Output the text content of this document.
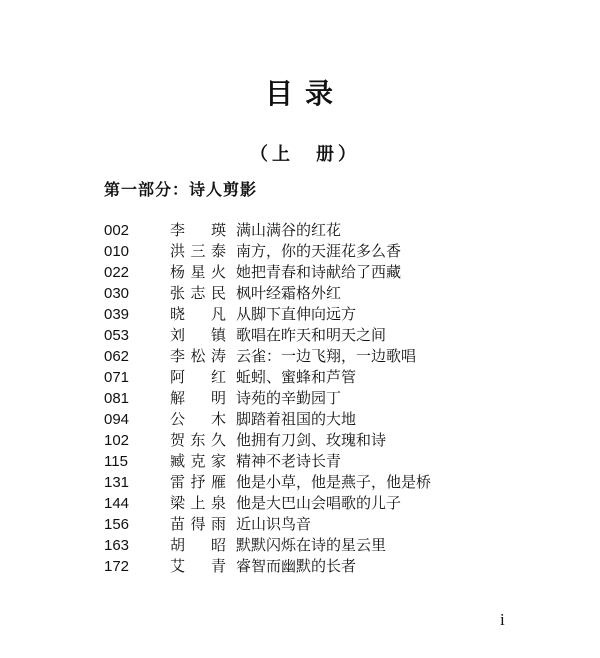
目录
（上　册）
第一部分：诗人剪影
002	李　瑛 满山满谷的红花
010	洪三泰 南方，你的天涯花多么香
022	杨星火 她把青春和诗献给了西藏
030	张志民 枫叶经霜格外红
039	晓　凡 从脚下直伸向远方
053	刘　镇 歌唱在昨天和明天之间
062	李松涛 云雀：一边飞翔，一边歌唱
071	阿　红 蚯蚓、蜜蜂和芦管
081	解　明 诗苑的辛勤园丁
094	公　木 脚踏着祖国的大地
102	贺东久 他拥有刀剑、玫瑰和诗
115	臧克家 精神不老诗长青
131	雷抒雁 他是小草，他是燕子，他是桥
144	梁上泉 他是大巴山会唱歌的儿子
156	苗得雨 近山识鸟音
163	胡　昭 默默闪烁在诗的星云里
172	艾　青 睿智而幽默的长者
i
